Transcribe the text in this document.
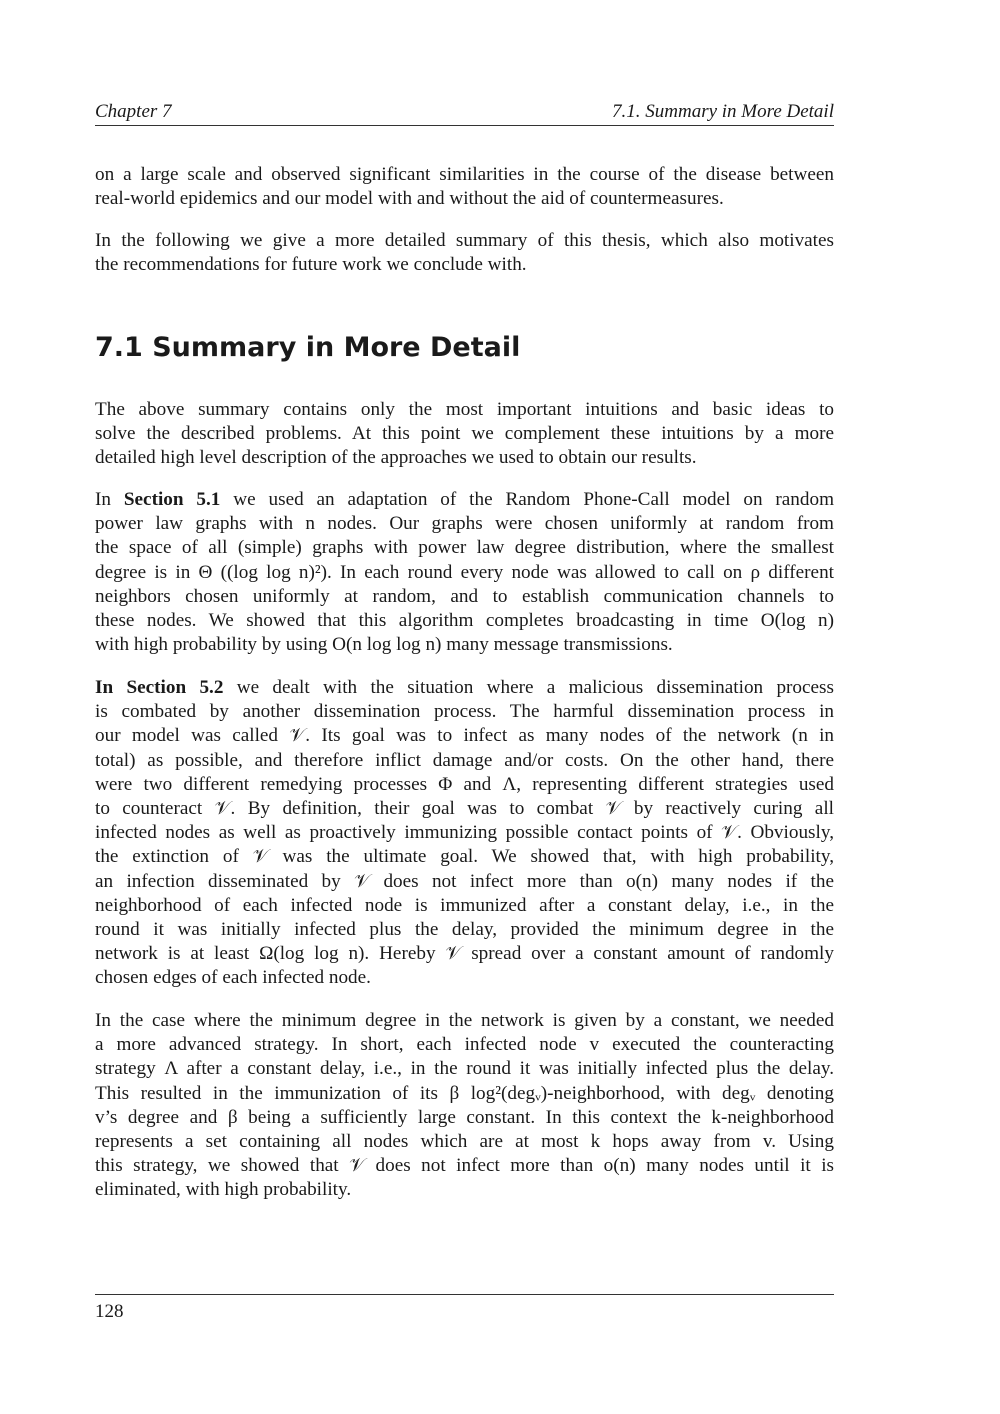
Chapter 7	7.1. Summary in More Detail
on a large scale and observed significant similarities in the course of the disease between
real-world epidemics and our model with and without the aid of countermeasures.
In the following we give a more detailed summary of this thesis, which also motivates
the recommendations for future work we conclude with.
7.1 Summary in More Detail
The above summary contains only the most important intuitions and basic ideas to
solve the described problems. At this point we complement these intuitions by a more
detailed high level description of the approaches we used to obtain our results.
In Section 5.1 we used an adaptation of the Random Phone-Call model on random
power law graphs with n nodes. Our graphs were chosen uniformly at random from
the space of all (simple) graphs with power law degree distribution, where the smallest
degree is in Θ ((log log n)²). In each round every node was allowed to call on ρ different
neighbors chosen uniformly at random, and to establish communication channels to
these nodes. We showed that this algorithm completes broadcasting in time O(log n)
with high probability by using O(n log log n) many message transmissions.
In Section 5.2 we dealt with the situation where a malicious dissemination process
is combated by another dissemination process. The harmful dissemination process in
our model was called 𝒱. Its goal was to infect as many nodes of the network (n in
total) as possible, and therefore inflict damage and/or costs. On the other hand, there
were two different remedying processes Φ and Λ, representing different strategies used
to counteract 𝒱. By definition, their goal was to combat 𝒱 by reactively curing all
infected nodes as well as proactively immunizing possible contact points of 𝒱. Obviously,
the extinction of 𝒱 was the ultimate goal. We showed that, with high probability,
an infection disseminated by 𝒱 does not infect more than o(n) many nodes if the
neighborhood of each infected node is immunized after a constant delay, i.e., in the
round it was initially infected plus the delay, provided the minimum degree in the
network is at least Ω(log log n). Hereby 𝒱 spread over a constant amount of randomly
chosen edges of each infected node.
In the case where the minimum degree in the network is given by a constant, we needed
a more advanced strategy. In short, each infected node v executed the counteracting
strategy Λ after a constant delay, i.e., in the round it was initially infected plus the delay.
This resulted in the immunization of its β log²(degᵥ)-neighborhood, with degᵥ denoting
v’s degree and β being a sufficiently large constant. In this context the k-neighborhood
represents a set containing all nodes which are at most k hops away from v. Using
this strategy, we showed that 𝒱 does not infect more than o(n) many nodes until it is
eliminated, with high probability.
128
